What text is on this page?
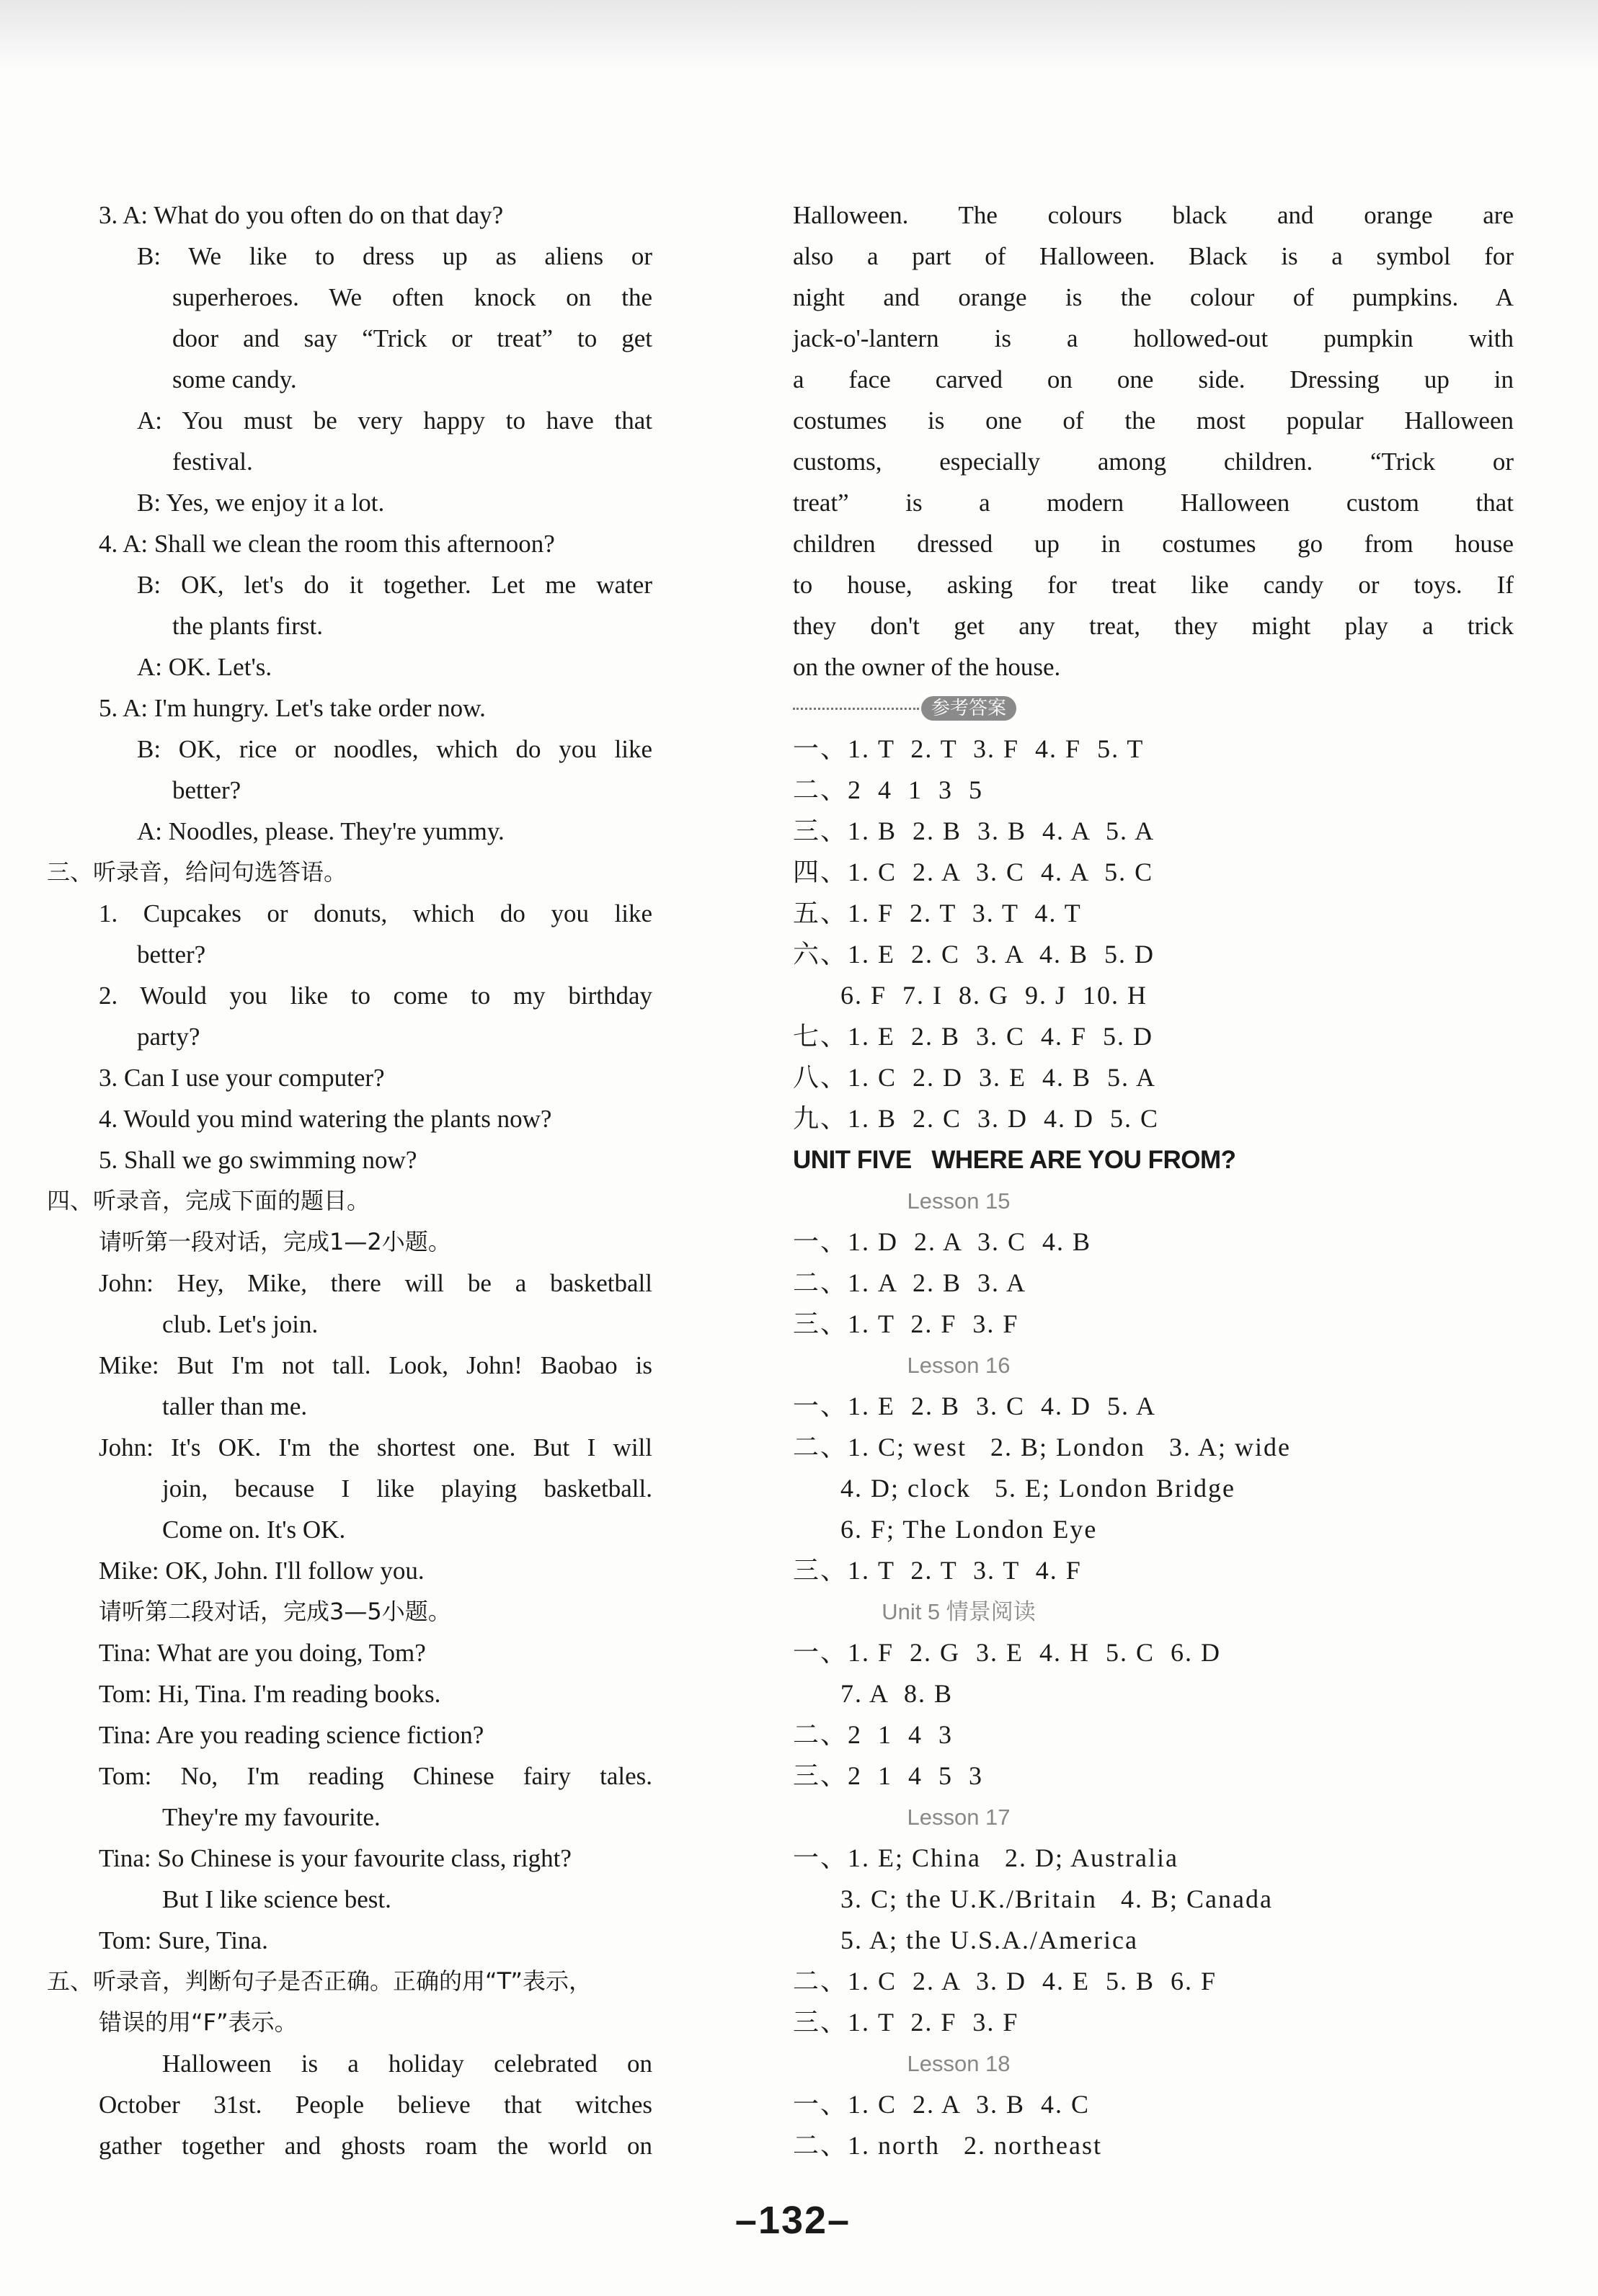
3. A: What do you often do on that day?
B: We like to dress up as aliens or
superheroes. We often knock on the
door and say “Trick or treat” to get
some candy.
A: You must be very happy to have that
festival.
B: Yes, we enjoy it a lot.
4. A: Shall we clean the room this afternoon?
B: OK, let's do it together. Let me water
the plants first.
A: OK. Let's.
5. A: I'm hungry. Let's take order now.
B: OK, rice or noodles, which do you like
better?
A: Noodles, please. They're yummy.
三、听录音，给问句选答语。
1. Cupcakes or donuts, which do you like
better?
2. Would you like to come to my birthday
party?
3. Can I use your computer?
4. Would you mind watering the plants now?
5. Shall we go swimming now?
四、听录音，完成下面的题目。
请听第一段对话，完成1—2小题。
John: Hey, Mike, there will be a basketball
club. Let's join.
Mike: But I'm not tall. Look, John! Baobao is
taller than me.
John: It's OK. I'm the shortest one. But I will
join, because I like playing basketball.
Come on. It's OK.
Mike: OK, John. I'll follow you.
请听第二段对话，完成3—5小题。
Tina: What are you doing, Tom?
Tom: Hi, Tina. I'm reading books.
Tina: Are you reading science fiction?
Tom: No, I'm reading Chinese fairy tales.
They're my favourite.
Tina: So Chinese is your favourite class, right?
But I like science best.
Tom: Sure, Tina.
五、听录音，判断句子是否正确。正确的用“T”表示，
错误的用“F”表示。
Halloween is a holiday celebrated on
October 31st. People believe that witches
gather together and ghosts roam the world on
Halloween. The colours black and orange are
also a part of Halloween. Black is a symbol for
night and orange is the colour of pumpkins. A
jack-o'-lantern is a hollowed-out pumpkin with
a face carved on one side. Dressing up in
costumes is one of the most popular Halloween
customs, especially among children. “Trick or
treat” is a modern Halloween custom that
children dressed up in costumes go from house
to house, asking for treat like candy or toys. If
they don't get any treat, they might play a trick
on the owner of the house.
参考答案
一、1. T  2. T  3. F  4. F  5. T
二、2  4  1  3  5
三、1. B  2. B  3. B  4. A  5. A
四、1. C  2. A  3. C  4. A  5. C
五、1. F  2. T  3. T  4. T
六、1. E  2. C  3. A  4. B  5. D
6. F  7. I  8. G  9. J  10. H
七、1. E  2. B  3. C  4. F  5. D
八、1. C  2. D  3. E  4. B  5. A
九、1. B  2. C  3. D  4. D  5. C
UNIT FIVE   WHERE ARE YOU FROM?
Lesson 15
一、1. D  2. A  3. C  4. B
二、1. A  2. B  3. A
三、1. T  2. F  3. F
Lesson 16
一、1. E  2. B  3. C  4. D  5. A
二、1. C; west   2. B; London   3. A; wide
4. D; clock   5. E; London Bridge
6. F; The London Eye
三、1. T  2. T  3. T  4. F
Unit 5 情景阅读
一、1. F  2. G  3. E  4. H  5. C  6. D
7. A  8. B
二、2  1  4  3
三、2  1  4  5  3
Lesson 17
一、1. E; China   2. D; Australia
3. C; the U.K./Britain   4. B; Canada
5. A; the U.S.A./America
二、1. C  2. A  3. D  4. E  5. B  6. F
三、1. T  2. F  3. F
Lesson 18
一、1. C  2. A  3. B  4. C
二、1. north   2. northeast
–132–
